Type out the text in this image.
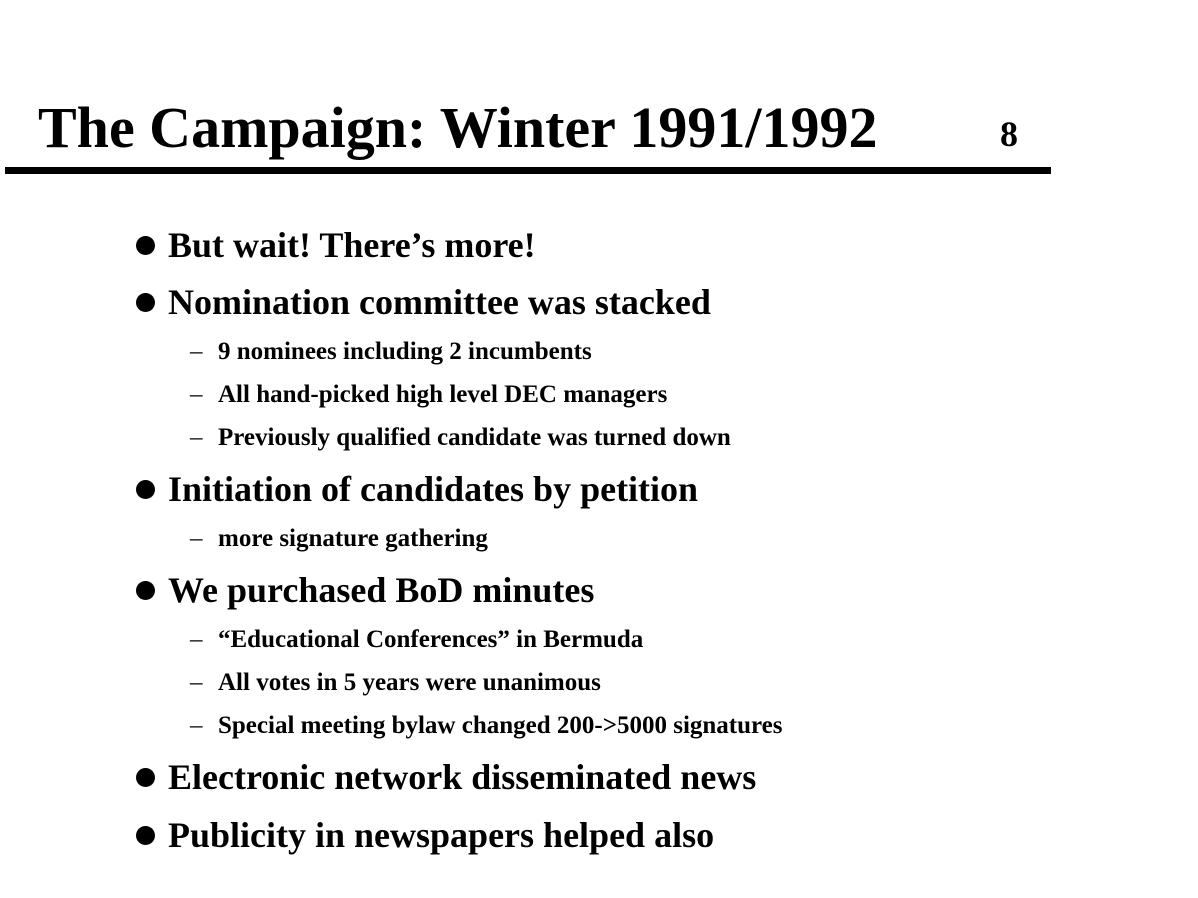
The Campaign: Winter 1991/1992	8
But wait! There’s more!
Nomination committee was stacked
– 9 nominees including 2 incumbents
– All hand-picked high level DEC managers
– Previously qualified candidate was turned down
Initiation of candidates by petition
– more signature gathering
We purchased BoD minutes
– “Educational Conferences” in Bermuda
– All votes in 5 years were unanimous
– Special meeting bylaw changed 200->5000 signatures
Electronic network disseminated news
Publicity in newspapers helped also
